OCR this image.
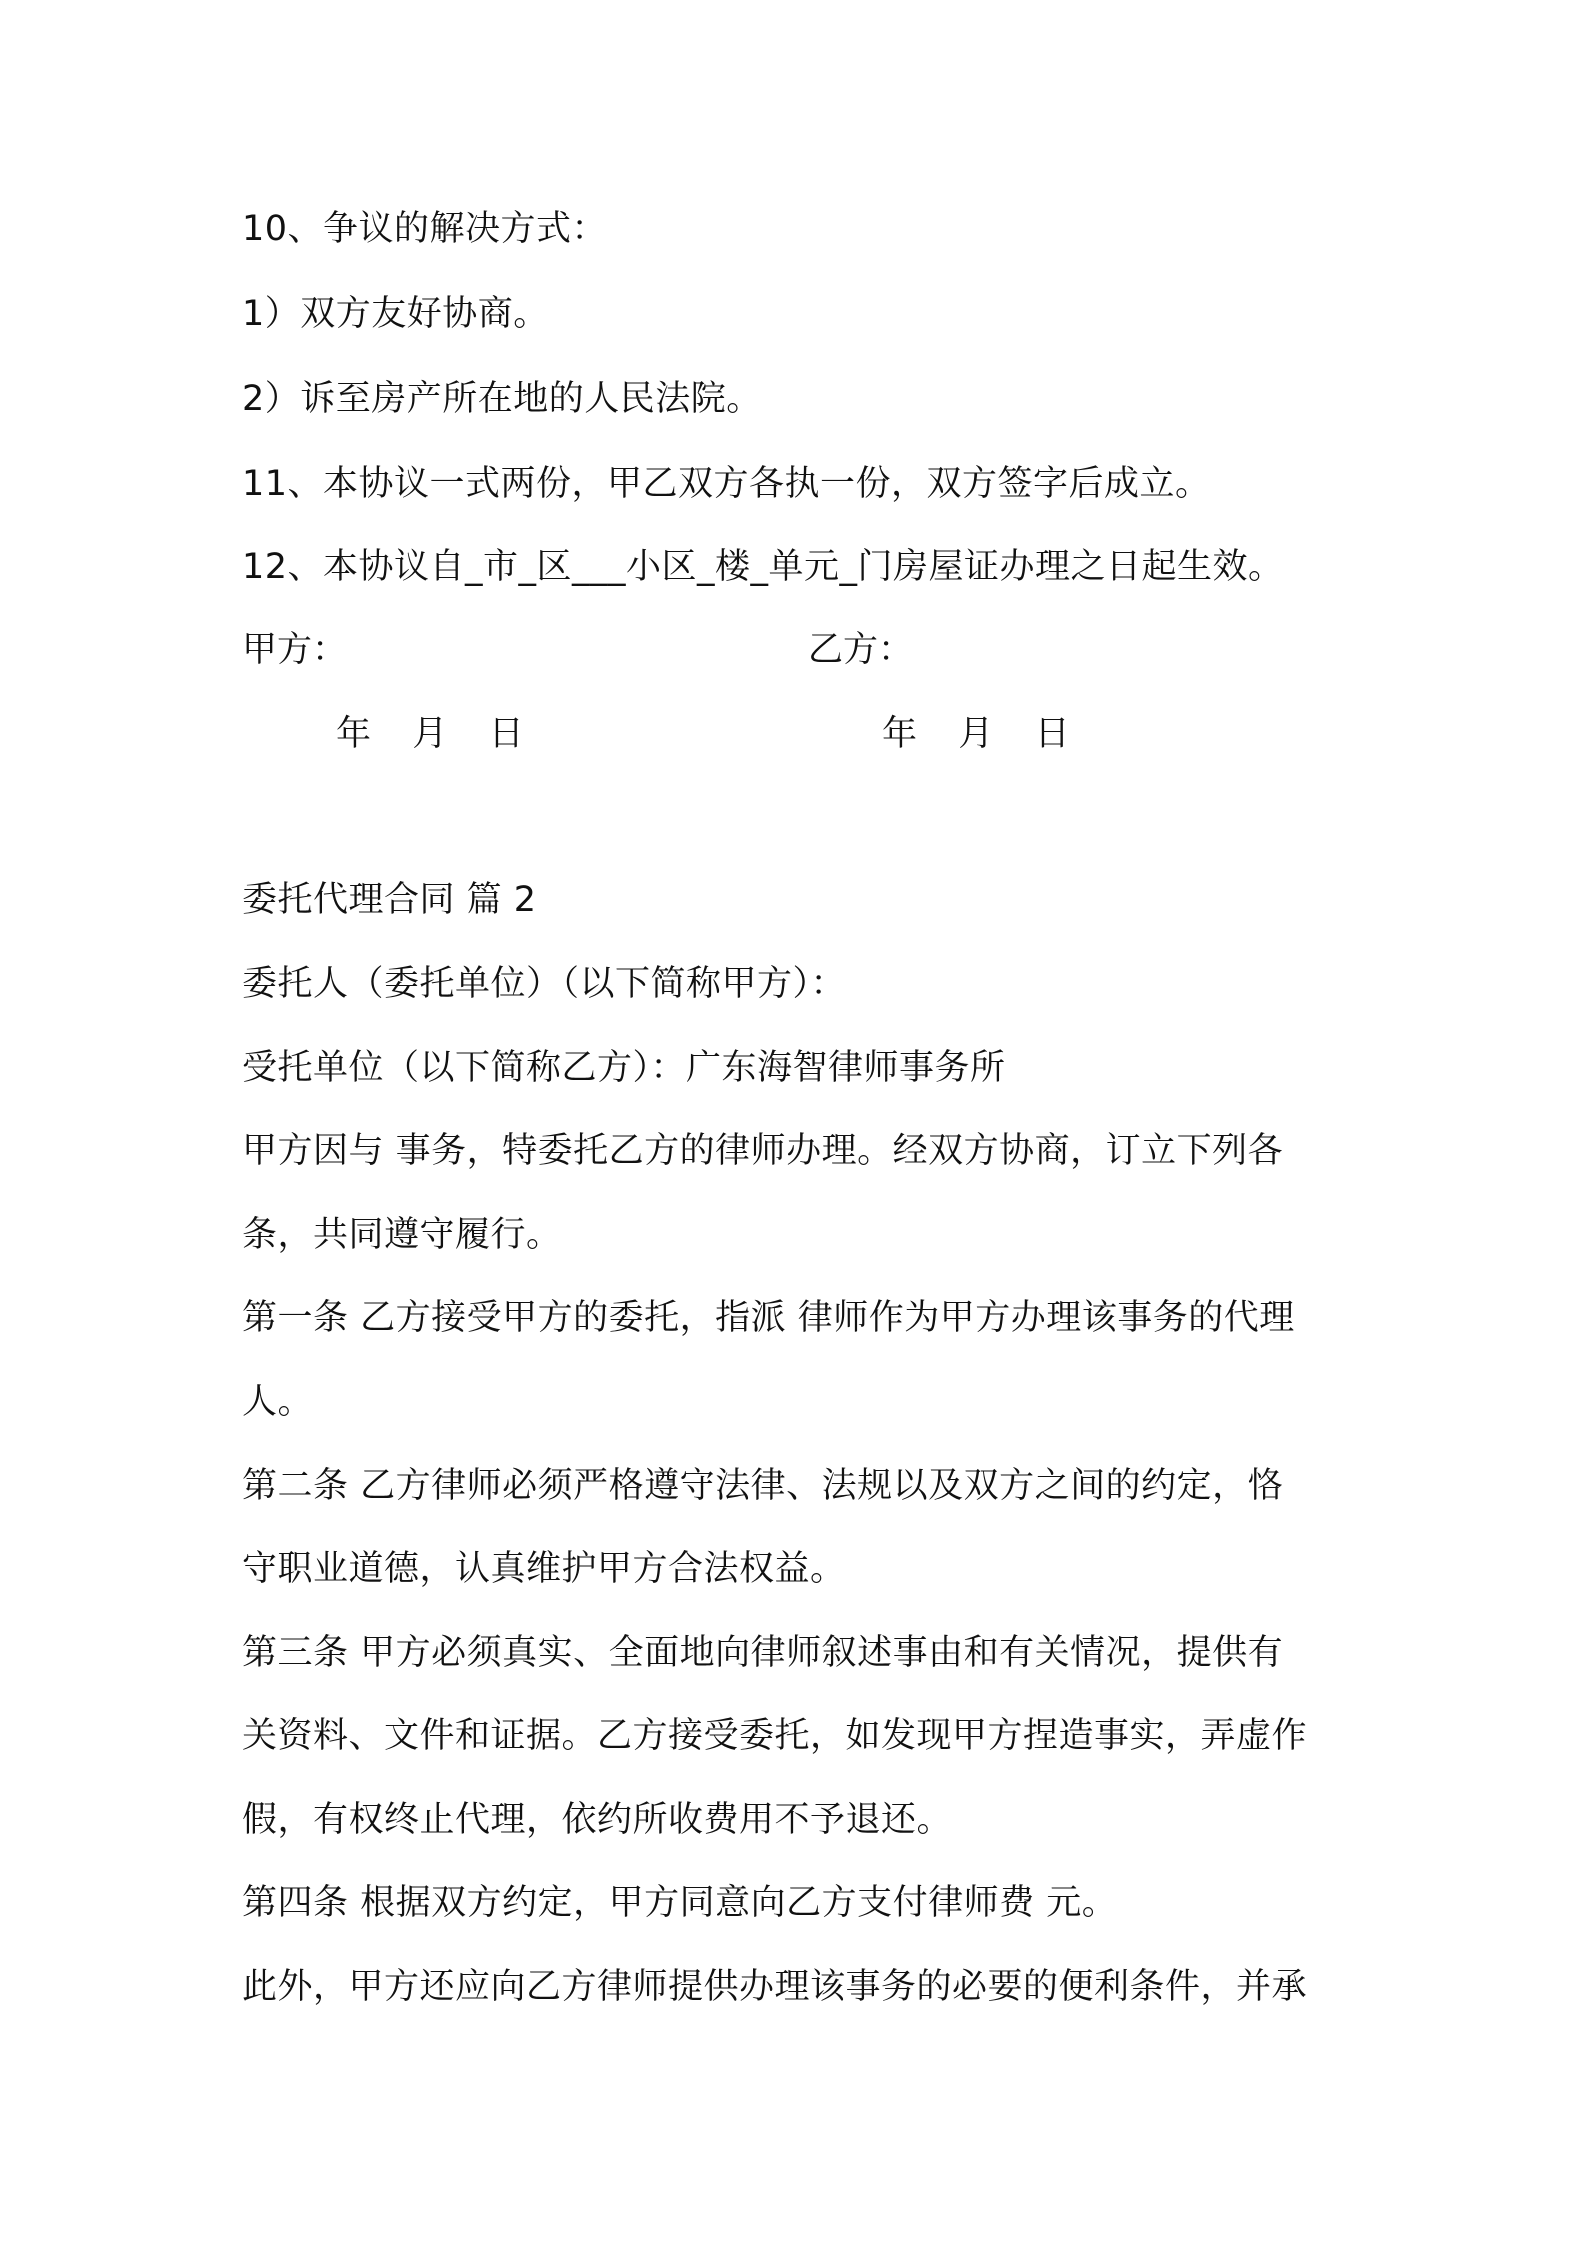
10、争议的解决方式：
1）双方友好协商。
2）诉至房产所在地的人民法院。
11、本协议一式两份，甲乙双方各执一份，双方签字后成立。
12、本协议自_市_区___小区_楼_单元_门房屋证办理之日起生效。
甲方：	乙方：
年   月   日	年   月   日
委托代理合同 篇 2
委托人（委托单位）（以下简称甲方）：
受托单位（以下简称乙方）：广东海智律师事务所
甲方因与 事务，特委托乙方的律师办理。经双方协商，订立下列各
条，共同遵守履行。
第一条 乙方接受甲方的委托，指派 律师作为甲方办理该事务的代理
人。
第二条 乙方律师必须严格遵守法律、法规以及双方之间的约定，恪
守职业道德，认真维护甲方合法权益。
第三条 甲方必须真实、全面地向律师叙述事由和有关情况，提供有
关资料、文件和证据。乙方接受委托，如发现甲方捏造事实，弄虚作
假，有权终止代理，依约所收费用不予退还。
第四条 根据双方约定，甲方同意向乙方支付律师费 元。
此外，甲方还应向乙方律师提供办理该事务的必要的便利条件，并承
